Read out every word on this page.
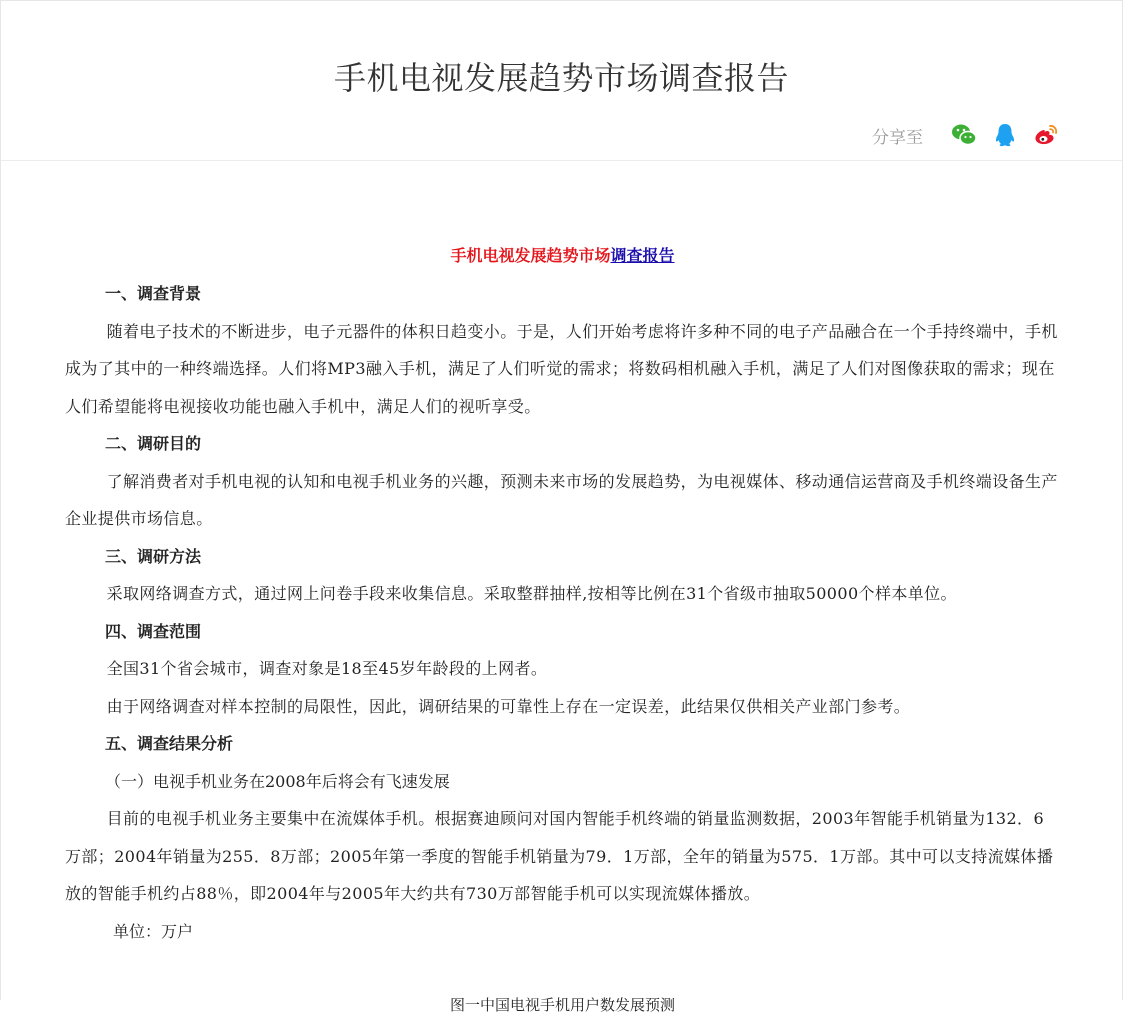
手机电视发展趋势市场调查报告
分享至
手机电视发展趋势市场调查报告

一、调查背景

随着电子技术的不断进步，电子元器件的体积日趋变小。于是，人们开始考虑将许多种不同的电子产品融合在一个手持终端中，手机成为了其中的一种终端选择。人们将MP3融入手机，满足了人们听觉的需求；将数码相机融入手机，满足了人们对图像获取的需求；现在人们希望能将电视接收功能也融入手机中，满足人们的视听享受。

二、调研目的

了解消费者对手机电视的认知和电视手机业务的兴趣，预测未来市场的发展趋势，为电视媒体、移动通信运营商及手机终端设备生产企业提供市场信息。

三、调研方法

采取网络调查方式，通过网上问卷手段来收集信息。采取整群抽样,按相等比例在31个省级市抽取50000个样本单位。

四、调查范围

全国31个省会城市，调查对象是18至45岁年龄段的上网者。

由于网络调查对样本控制的局限性，因此，调研结果的可靠性上存在一定误差，此结果仅供相关产业部门参考。

五、调查结果分析

（一）电视手机业务在2008年后将会有飞速发展

目前的电视手机业务主要集中在流媒体手机。根据赛迪顾问对国内智能手机终端的销量监测数据，2003年智能手机销量为132．6万部；2004年销量为255．8万部；2005年第一季度的智能手机销量为79．1万部，全年的销量为575．1万部。其中可以支持流媒体播放的智能手机约占88％，即2004年与2005年大约共有730万部智能手机可以实现流媒体播放。

单位：万户

图一中国电视手机用户数发展预测
